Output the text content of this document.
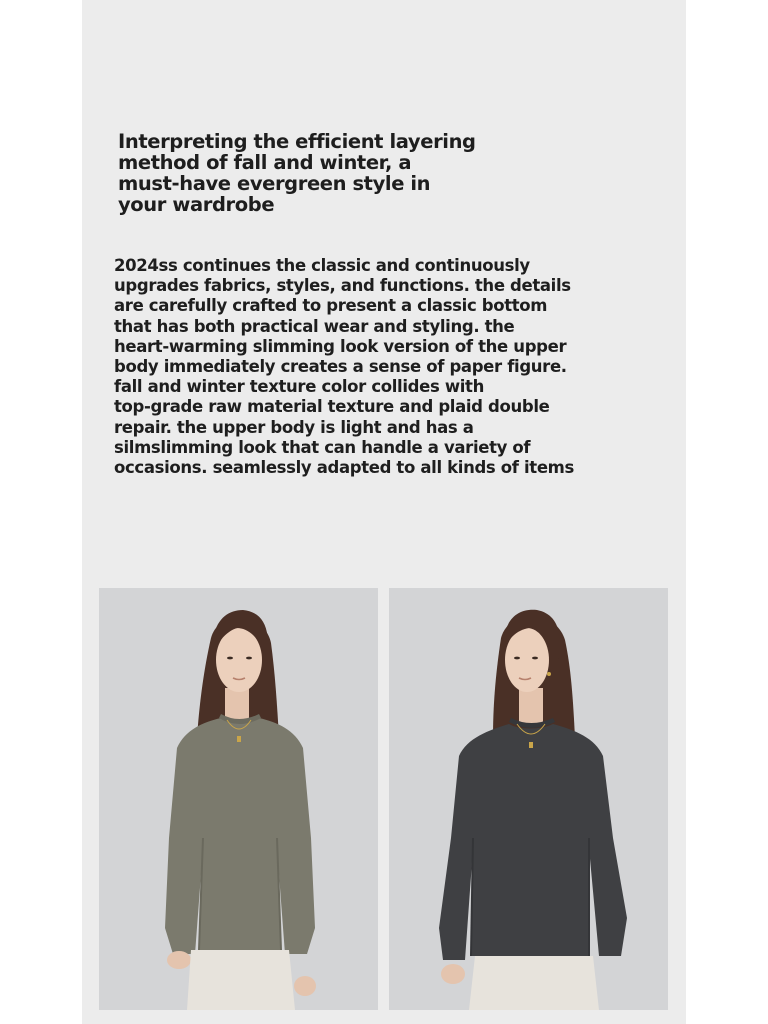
Interpreting the efficient layering
method of fall and winter, a
must-have evergreen style in
your wardrobe

2024ss continues the classic and continuously
upgrades fabrics, styles, and functions. the details
are carefully crafted to present a classic bottom
that has both practical wear and styling. the
heart-warming slimming look version of the upper
body immediately creates a sense of paper figure.
fall and winter texture color collides with
top-grade raw material texture and plaid double
repair. the upper body is light and has a
silmslimming look that can handle a variety of
occasions. seamlessly adapted to all kinds of items
